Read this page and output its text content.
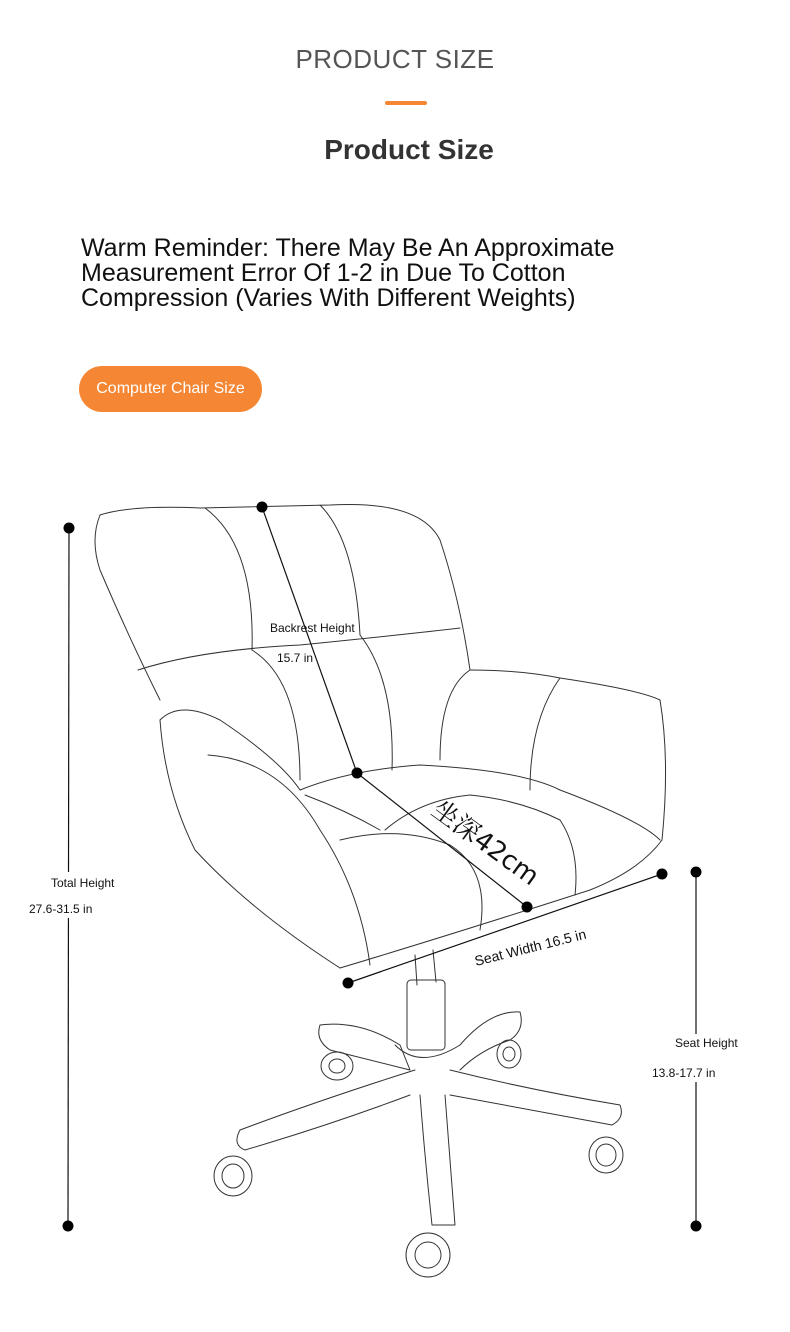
PRODUCT SIZE
Product Size
Warm Reminder: There May Be An Approximate
Measurement Error Of 1-2 in Due To Cotton
Compression (Varies With Different Weights)
Computer Chair Size
Backrest Height
15.7 in
坐深42cm
Seat Width 16.5 in
Total Height
27.6-31.5 in
Seat Height
13.8-17.7 in
